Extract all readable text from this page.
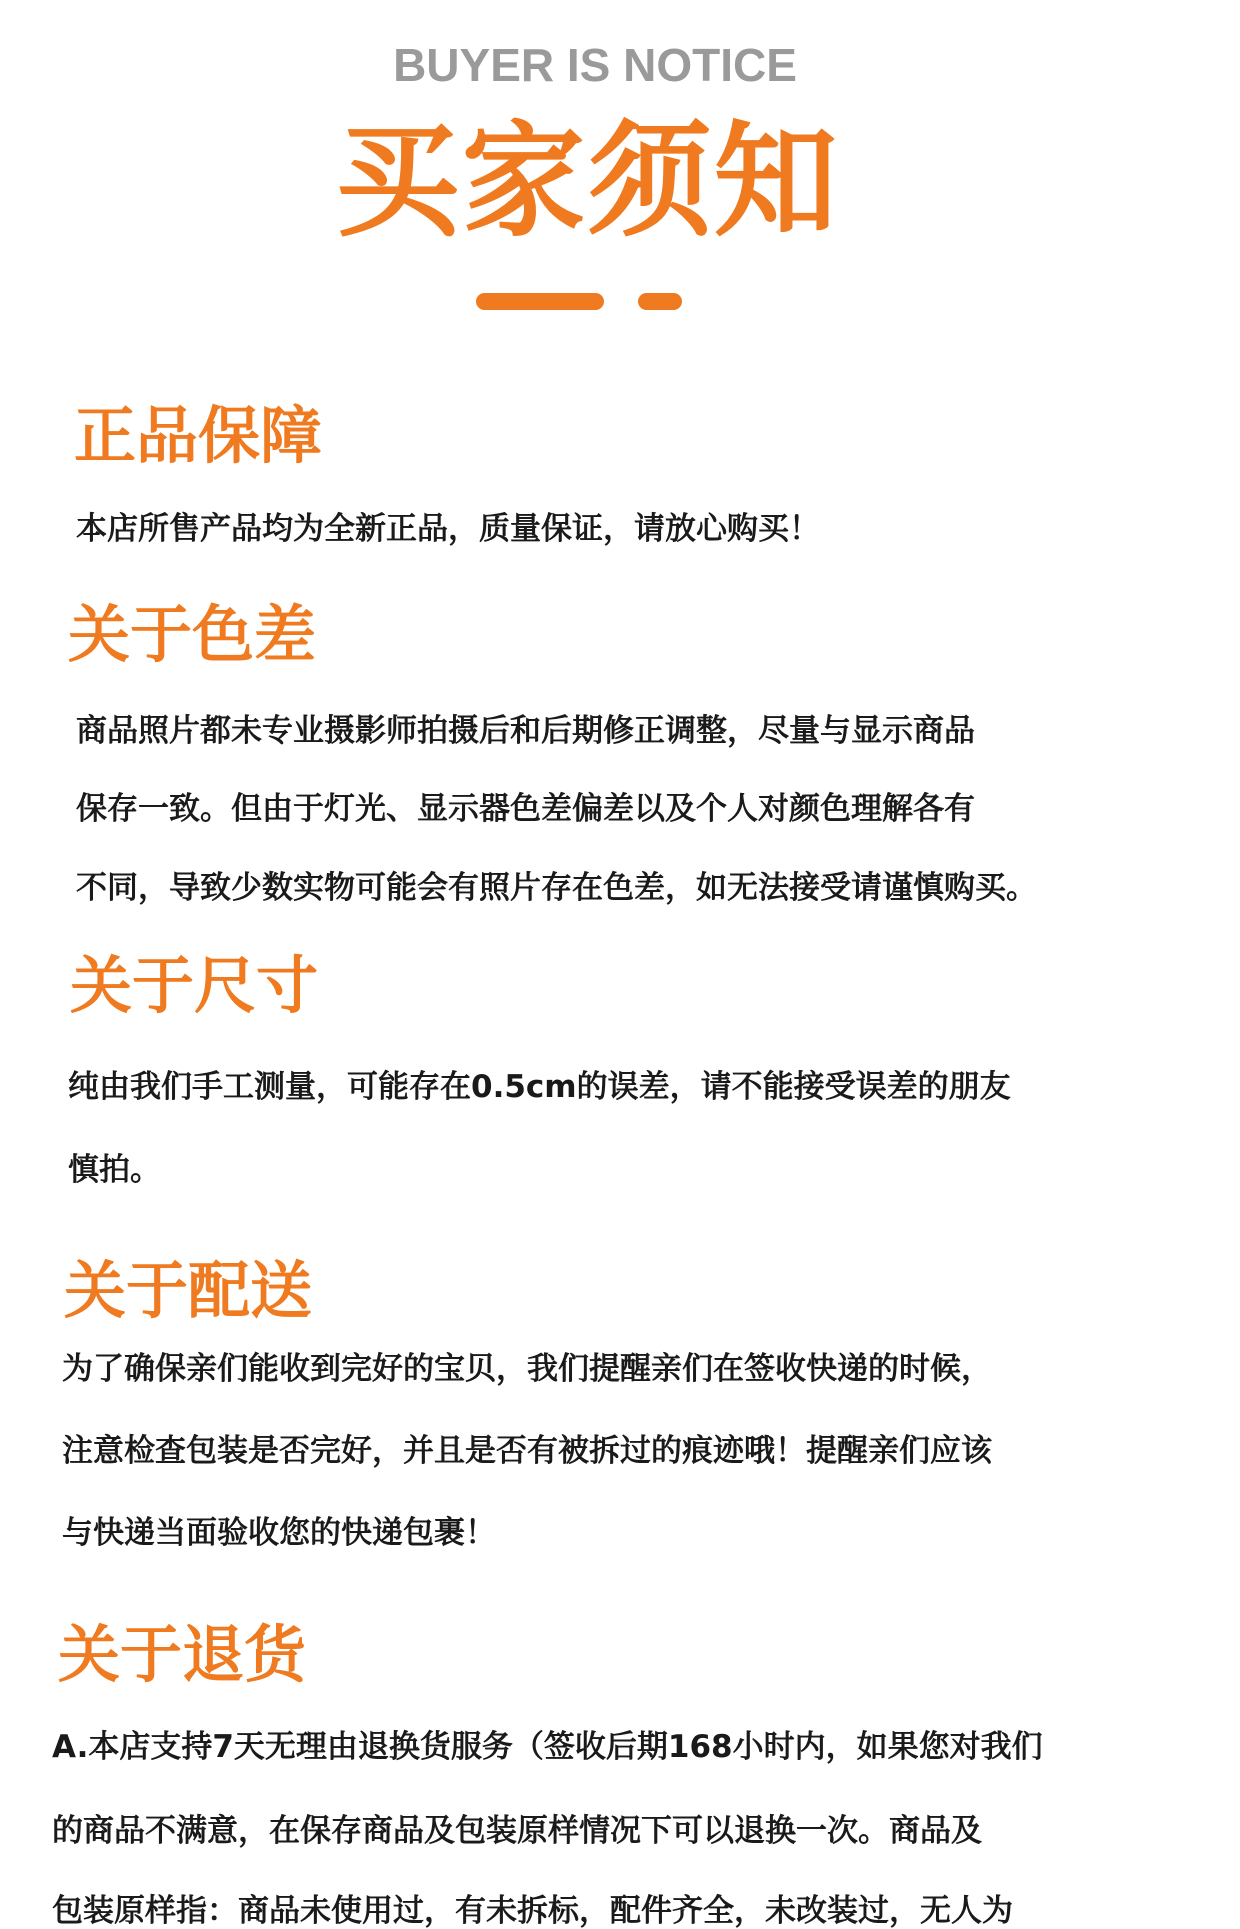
BUYER IS NOTICE
买家须知
正品保障
本店所售产品均为全新正品，质量保证，请放心购买！
关于色差
商品照片都未专业摄影师拍摄后和后期修正调整，尽量与显示商品
保存一致。但由于灯光、显示器色差偏差以及个人对颜色理解各有
不同，导致少数实物可能会有照片存在色差，如无法接受请谨慎购买。
关于尺寸
纯由我们手工测量，可能存在0.5cm的误差，请不能接受误差的朋友
慎拍。
关于配送
为了确保亲们能收到完好的宝贝，我们提醒亲们在签收快递的时候，
注意检查包装是否完好，并且是否有被拆过的痕迹哦！提醒亲们应该
与快递当面验收您的快递包裹！
关于退货
A.本店支持7天无理由退换货服务（签收后期168小时内，如果您对我们
的商品不满意，在保存商品及包装原样情况下可以退换一次。商品及
包装原样指：商品未使用过，有未拆标，配件齐全，未改装过，无人为
